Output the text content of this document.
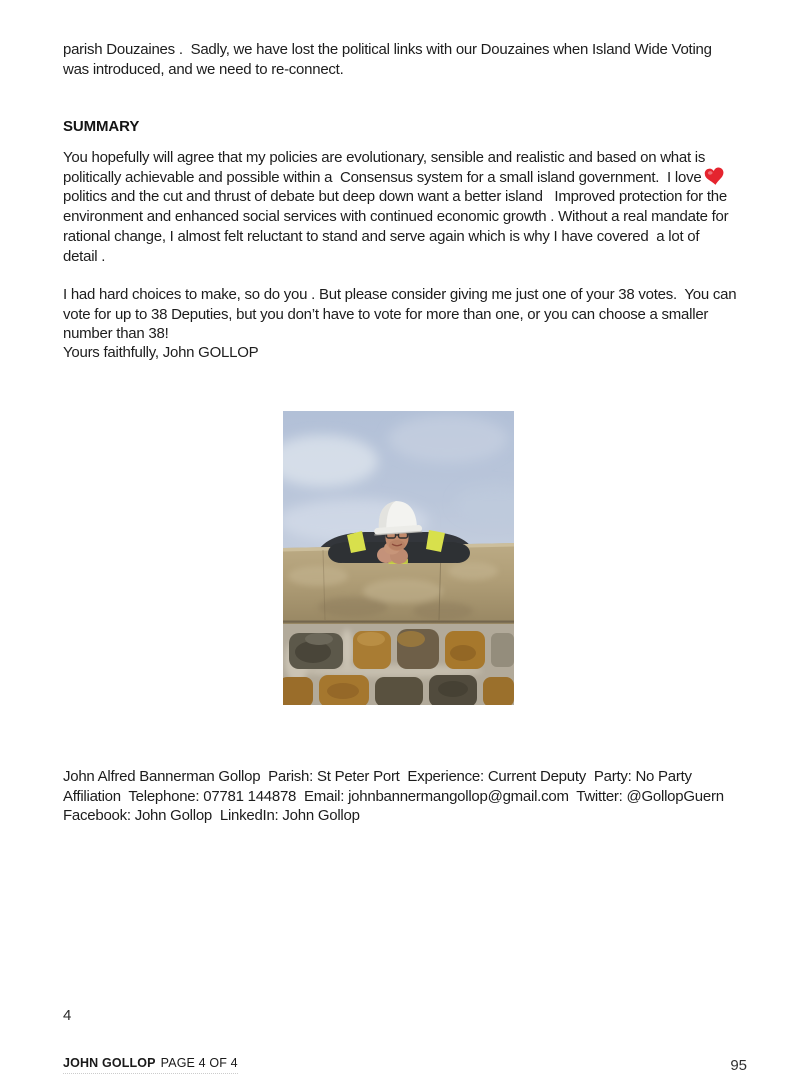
parish Douzaines .  Sadly, we have lost the political links with our Douzaines when Island Wide Voting was introduced, and we need to re-connect.

SUMMARY

You hopefully will agree that my policies are evolutionary, sensible and realistic and based on what is politically achievable and possible within a  Consensus system for a small island government.  I lovepolitics and the cut and thrust of debate but deep down want a better island   Improved protection for the environment and enhanced social services with continued economic growth . Without a real mandate for rational change, I almost felt reluctant to stand and serve again which is why I have covered  a lot of detail .

I had hard choices to make, so do you . But please consider giving me just one of your 38 votes.  You can vote for up to 38 Deputies, but you don’t have to vote for more than one, or you can choose a smaller number than 38!

Yours faithfully, John GOLLOP

John Alfred Bannerman Gollop  Parish: St Peter Port  Experience: Current Deputy  Party: No Party Affiliation  Telephone: 07781 144878  Email: johnbannermangollop@gmail.com  Twitter: @GollopGuern  Facebook: John Gollop  LinkedIn: John Gollop

4
JOHN GOLLOP PAGE 4 OF 4	95
